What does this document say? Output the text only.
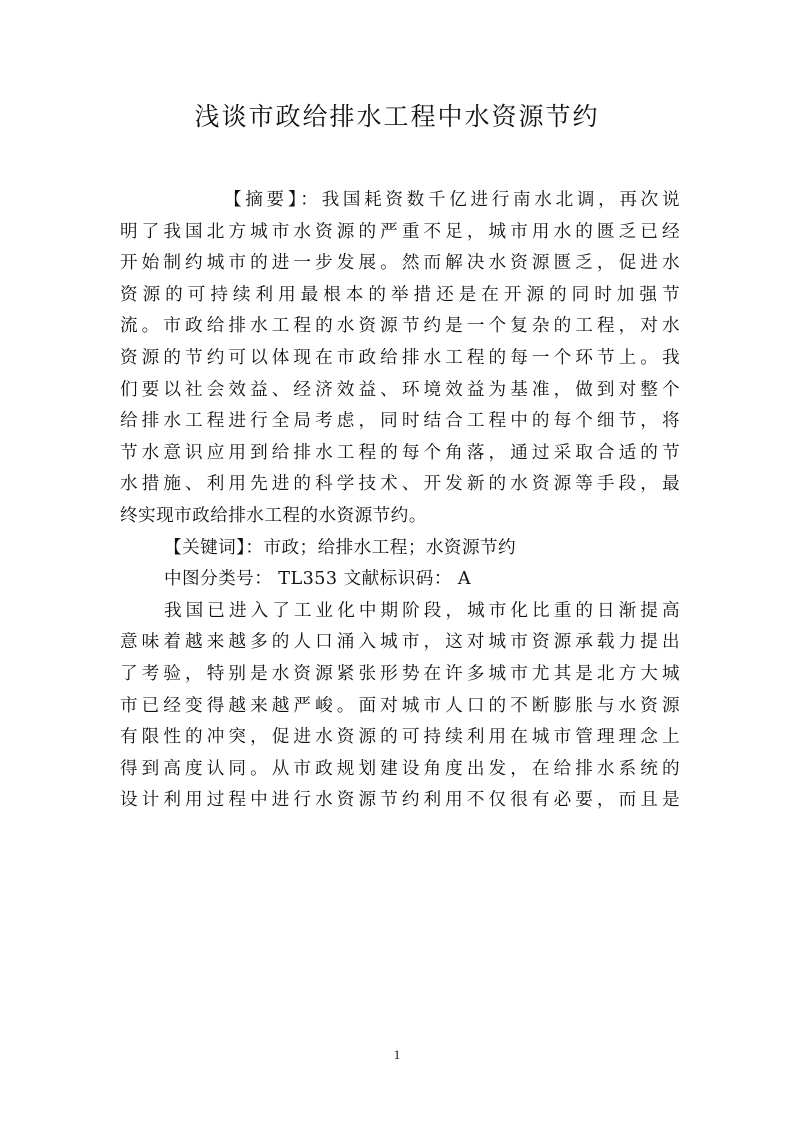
浅谈市政给排水工程中水资源节约
【摘要】：我国耗资数千亿进行南水北调，再次说
明了我国北方城市水资源的严重不足，城市用水的匮乏已经
开始制约城市的进一步发展。然而解决水资源匮乏，促进水
资源的可持续利用最根本的举措还是在开源的同时加强节
流。市政给排水工程的水资源节约是一个复杂的工程，对水
资源的节约可以体现在市政给排水工程的每一个环节上。我
们要以社会效益、经济效益、环境效益为基准，做到对整个
给排水工程进行全局考虑，同时结合工程中的每个细节，将
节水意识应用到给排水工程的每个角落，通过采取合适的节
水措施、利用先进的科学技术、开发新的水资源等手段，最
终实现市政给排水工程的水资源节约。
【关键词】：市政；给排水工程；水资源节约
中图分类号： TL353 文献标识码： A
我国已进入了工业化中期阶段，城市化比重的日渐提高
意味着越来越多的人口涌入城市，这对城市资源承载力提出
了考验，特别是水资源紧张形势在许多城市尤其是北方大城
市已经变得越来越严峻。面对城市人口的不断膨胀与水资源
有限性的冲突，促进水资源的可持续利用在城市管理理念上
得到高度认同。从市政规划建设角度出发，在给排水系统的
设计利用过程中进行水资源节约利用不仅很有必要，而且是
1
